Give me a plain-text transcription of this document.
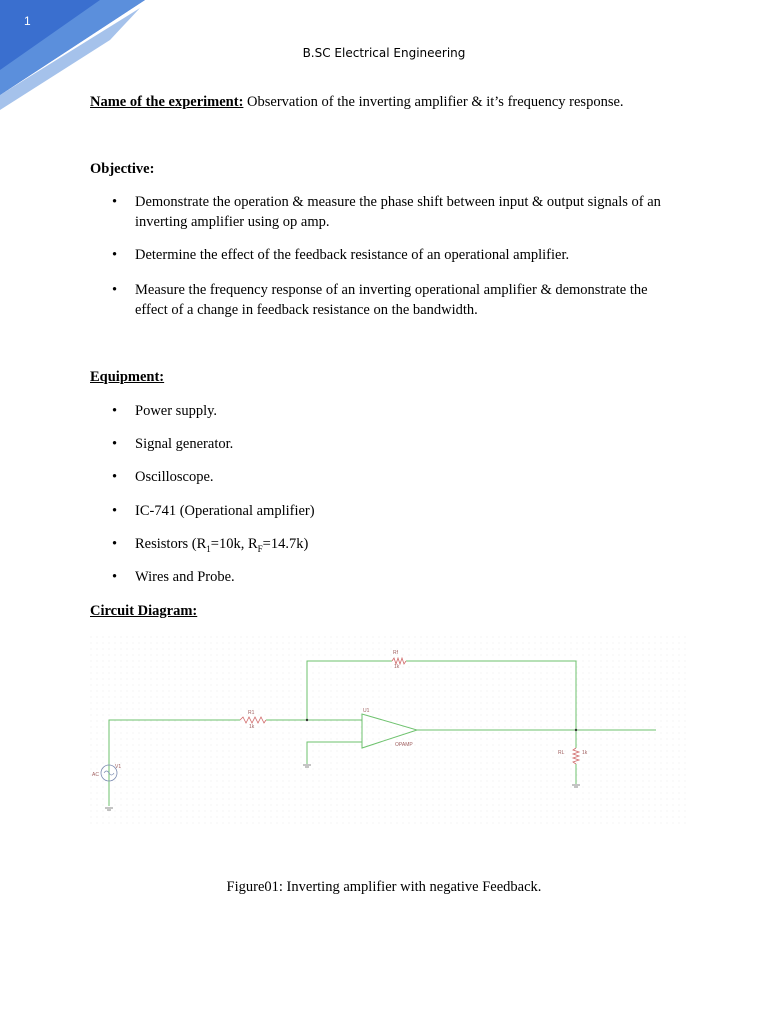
1
B.SC Electrical Engineering
Name of the experiment: Observation of the inverting amplifier & it’s frequency response.
Objective:
• Demonstrate the operation & measure the phase shift between input & output signals of an
inverting amplifier using op amp.
• Determine the effect of the feedback resistance of an operational amplifier.
• Measure the frequency response of an inverting operational amplifier & demonstrate the
effect of a change in feedback resistance on the bandwidth.
Equipment:
• Power supply.
• Signal generator.
• Oscilloscope.
• IC-741 (Operational amplifier)
• Resistors ($R_1=10k$, $R_F=14.7k$)
• Wires and Probe.
Circuit Diagram:
Rf
1k
R1
1k
U1
OPAMP
V1
AC
RL	1k
Figure01: Inverting amplifier with negative Feedback.
